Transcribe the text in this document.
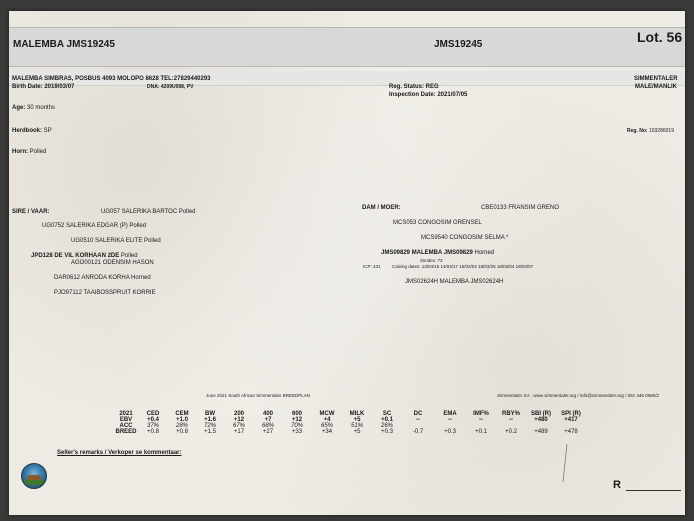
MALEMBA JMS19245	JMS19245	Lot. 56
MALEMBA SIMBRAS, POSBUS 4093 MOLOPO 8628 TEL:27829440293	SIMMENTALER
Birth Date: 2019/03/07	DNA: 4209U098, PV	Reg. Status: REG
Inspection Date: 2021/07/05
MALE/MANLIK
Age: 30 months
Herdbook: SP	Reg. No: 103286019
Horn: Polled
SIRE / VAAR:	UG057 SALERIKA BARTOC Polled
UG0752 SALERIKA EDGAR (P) Polled
UG0510 SALERIKA ELITE Polled
JPD128 DE VIL KORHAAN 2DE Polled
AGO00121 ODENSIM HASON
DAR0612 ANRODA KORHA Horned
PJO97112 TAAIBOSSPRUIT KORRIE
DAM / MOER:	CBE0133 FRANSIM GRENO
MCS053 CONGOSIM GRENSEL
MCS9540 CONGOSIM SELMA *
JMS09829 MALEMBA JMS09829 Horned
Simdex: 73
ICP: 431	Calving dates: 13/04/15 14/03/17 15/02/02 18/03/25 18/03/04 19/03/07
JMS02624H MALEMBA JMS02624H
June 2021 South African Simmentaler BREEDPLAN	Simmentaler SA - www.simmentaler.org / info@simmentaler.org / 051 446 0580/2
2021	CED	CEM	BW	200	400	600	MCW	MILK	SC	DC	EMA	IMF%	RBY%	SBI (R)	SPI (R)
EBV	+0.4	+1.0	+1.6	+12	+7	+12	+4	+5	+0.1	--	--	--	--	+480	+417
ACC	37%	28%	72%	67%	68%	70%	65%	51%	26%						
BREED	+0.8	+0.8	+1.5	+17	+27	+33	+34	+5	+0.3	-0.7	+0.3	+0.1	+0.2	+489	+478
Seller's remarks / Verkoper se kommentaar:
R
